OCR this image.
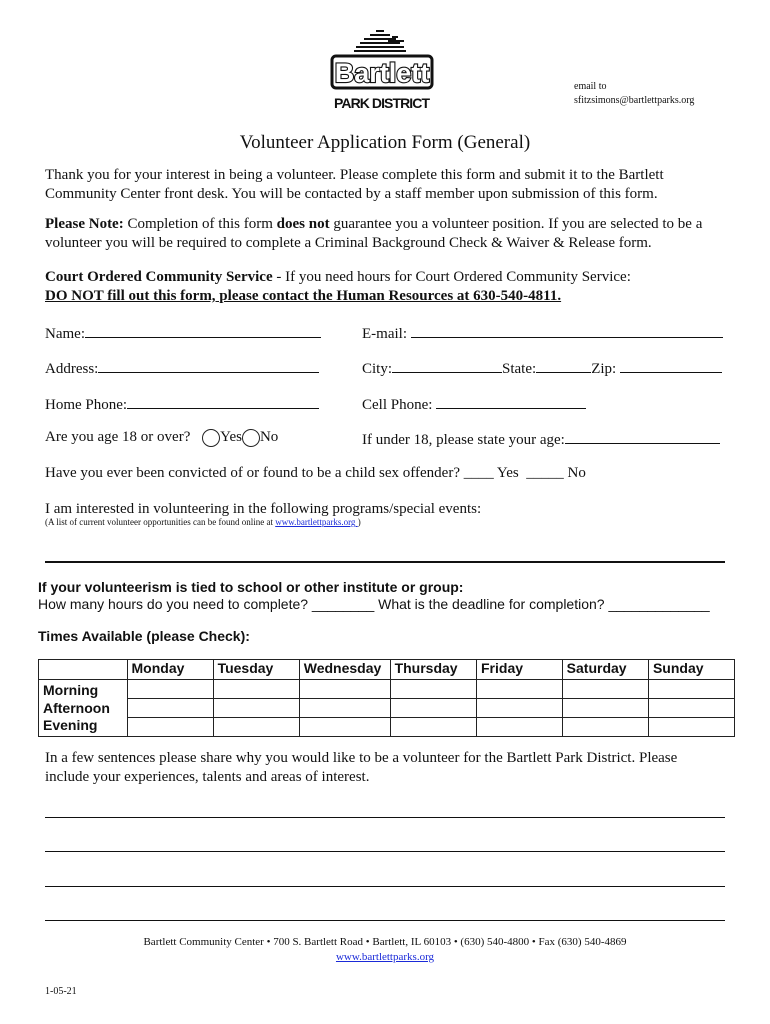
Bartlett
PARK DISTRICT
email to
sfitzsimons@bartlettparks.org
Volunteer Application Form (General)
Thank you for your interest in being a volunteer. Please complete this form and submit it to the Bartlett Community Center front desk. You will be contacted by a staff member upon submission of this form.
Please Note: Completion of this form does not guarantee you a volunteer position. If you are selected to be a volunteer you will be required to complete a Criminal Background Check & Waiver & Release form.
Court Ordered Community Service - If you need hours for Court Ordered Community Service:
DO NOT fill out this form, please contact the Human Resources at 630-540-4811.
Name:	E-mail:
Address:	City:	State:	Zip:
Home Phone:	Cell Phone:
Are you age 18 or over? Yes No	If under 18, please state your age:
Have you ever been convicted of or found to be a child sex offender? ____ Yes  _____ No
I am interested in volunteering in the following programs/special events:
(A list of current volunteer opportunities can be found online at www.bartlettparks.org )
If your volunteerism is tied to school or other institute or group:
How many hours do you need to complete? ________ What is the deadline for completion? _____________
Times Available (please Check):
	Monday	Tuesday	Wednesday	Thursday	Friday	Saturday	Sunday

Morning
Afternoon
Evening							

In a few sentences please share why you would like to be a volunteer for the Bartlett Park District. Please include your experiences, talents and areas of interest.
Bartlett Community Center • 700 S. Bartlett Road • Bartlett, IL 60103 • (630) 540-4800 • Fax (630) 540-4869
www.bartlettparks.org
1-05-21
